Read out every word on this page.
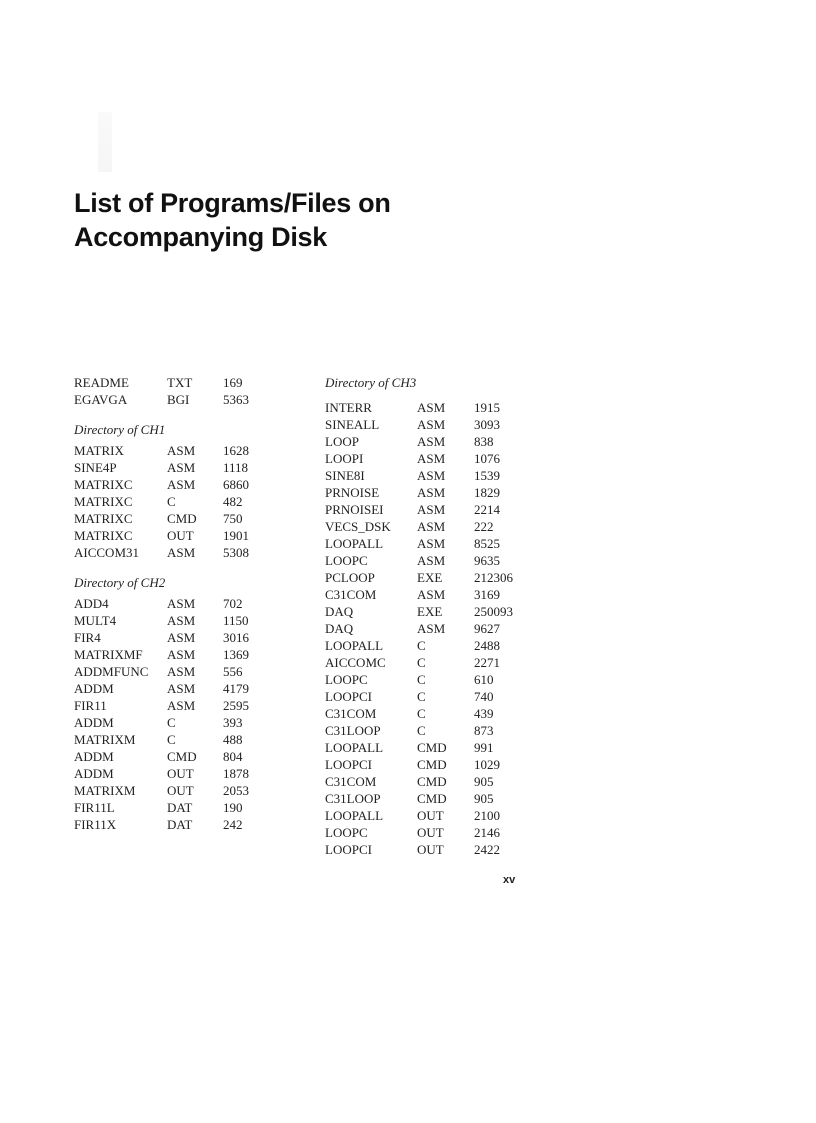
List of Programs/Files on
Accompanying Disk
README	TXT 169
EGAVGA	BGI	5363
Directory of CH1
MATRIX	ASM 1628
SINE4P	ASM 1118
MATRIXC	ASM 6860
MATRIXC	C	482
MATRIXC	CMD 750
MATRIXC	OUT 1901
AICCOM31 ASM 5308
Directory of CH2
ADD4	ASM 702
MULT4	ASM 1150
FIR4	ASM 3016
MATRIXMF ASM 1369
ADDMFUNC ASM 556
ADDM	ASM 4179
FIR11	ASM 2595
ADDM	C	393
MATRIXM C	488
ADDM	CMD 804
ADDM	OUT 1878
MATRIXM OUT 2053
FIR11L	DAT 190
FIR11X	DAT 242
Directory of CH3
INTERR	ASM 1915
SINEALL	ASM 3093
LOOP	ASM 838
LOOPI	ASM 1076
SINE8I	ASM 1539
PRNOISE	ASM 1829
PRNOISEI	ASM 2214
VECS_DSK ASM 222
LOOPALL	ASM 8525
LOOPC	ASM 9635
PCLOOP	EXE 212306
C31COM	ASM 3169
DAQ	EXE 250093
DAQ	ASM 9627
LOOPALL	C	2488
AICCOMC C	2271
LOOPC	C	610
LOOPCI	C	740
C31COM	C	439
C31LOOP	C	873
LOOPALL	CMD 991
LOOPCI	CMD 1029
C31COM	CMD 905
C31LOOP	CMD 905
LOOPALL	OUT 2100
LOOPC	OUT 2146
LOOPCI	OUT 2422
xv
